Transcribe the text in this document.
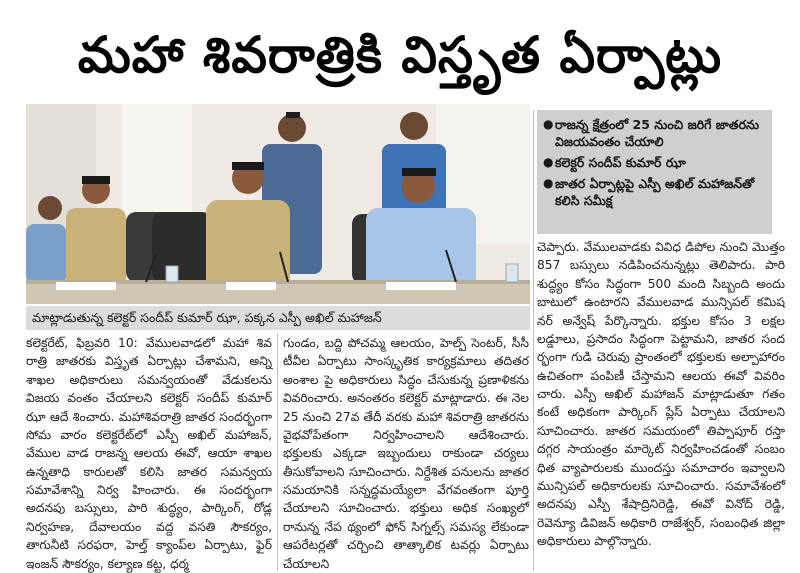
మహా శివరాత్రికి విస్తృత ఏర్పాట్లు
మాట్లాడుతున్న కలెక్టర్ సందీప్ కుమార్ ఝా, పక్కన ఎస్పీ అఖిల్ మహాజన్
● రాజన్న క్షేత్రంలో 25 నుంచి జరిగే జాతరను విజయవంతం చేయాలి
● కలెక్టర్ సందీప్ కుమార్ ఝా
● జాతర ఏర్పాట్లపై ఎస్పీ అఖిల్ మహాజన్‌తో కలిసి సమీక్ష

కలెక్టరేట్, ఫిబ్రవరి 10: వేములవాడలో మహా శివ రాత్రి జాతరకు విస్తృత ఏర్పాట్లు చేశామని, అన్ని శాఖల అధికారులు సమన్వయంతో వేడుకలను విజయ వంతం చేయాలని కలెక్టర్ సందీప్ కుమార్ ఝా ఆదే శించారు. మహాశివరాత్రి జాతర సందర్భంగా సోమ వారం కలెక్టరేట్‌లో ఎస్పీ అఖిల్ మహాజన్, వేముల వాడ రాజన్న ఆలయ ఈవో, ఆయా శాఖల ఉన్నతాధి కారులతో కలిసి జాతర సమన్వయ సమావేశాన్ని నిర్వ హించారు. ఈ సందర్భంగా అదనపు బస్సులు, పారి శుద్ధ్యం, పార్కింగ్, రోడ్ల నిర్వహణ, దేవాలయం వద్ద వసతి సౌకర్యం, తాగునీటి సరఫరా, హెల్త్ క్యాంప్‌ల ఏర్పాటు, ఫైర్ ఇంజన్ సౌకర్యం, కల్యాణ కట్ట, ధర్మ

గుండం, బద్ది పోచమ్మ ఆలయం, హెల్ప్ సెంటర్, సీసీ టీవీల ఏర్పాటు సాంస్కృతిక కార్యక్రమాలు తదితర అంశాల పై అధికారులు సిద్ధం చేసుకున్న ప్రణాళికను వివరించారు. అనంతరం కలెక్టర్ మాట్లాడారు. ఈ నెల 25 నుంచి 27వ తేదీ వరకు మహా శివరాత్రి జాతరను వైభవోపేతంగా నిర్వహించాలని ఆదేశించారు. భక్తులకు ఎక్కడా ఇబ్బందులు రాకుండా చర్యలు తీసుకోవాలని సూచించారు. నిర్దేశిత పనులను జాతర సమయానికి సన్నద్ధమయ్యేలా వేగవంతంగా పూర్తి చేయాలని సూచించారు. భక్తులు అధిక సంఖ్యలో రానున్న నేప థ్యంలో ఫోన్ సిగ్నల్స్ సమస్య లేకుండా ఆపరేటర్లతో చర్చించి తాత్కాలిక టవర్లు ఏర్పాటు చేయాలని

చెప్పారు. వేములవాడకు వివిధ డిపోల నుంచి మొత్తం 857 బస్సులు నడిపించనున్నట్లు తెలిపారు. పారి శుద్ధ్యం కోసం సిద్ధంగా 500 మంది సిబ్బంది అందు బాటులో ఉంటారని వేములవాడ మున్సిపల్ కమిష నర్ అన్వేష్ పేర్కొన్నారు. భక్తుల కోసం 3 లక్షల లడ్డూలు, ప్రసాదం సిద్ధంగా పెట్టామని, జాతర సంద ర్భంగా గుడి చెరువు ప్రాంతంలో భక్తులకు అల్పాహారం ఉచితంగా పంపిణీ చేస్తామని ఆలయ ఈవో వివరిం చారు. ఎస్పీ అఖిల్ మహాజన్ మాట్లాడుతూ గతం కంటే అధికంగా పార్కింగ్ ప్లేస్ ఏర్పాటు చేయాలని సూచించారు. జాతర సమయంలో తిప్పాపూర్ రస్తా దగ్గర సాయంత్రం మార్కెట్ నిర్వహించడంతో సంబం ధిత వ్యాపారులకు ముందస్తు సమాచారం ఇవ్వాలని మున్సిపల్ అధికారులకు సూచించారు. సమావేశంలో అదనపు ఎస్పీ శేషాద్రినిరెడ్డి, ఈవో వినోద్ రెడ్డి, రెవెన్యూ డివిజన్ అధికారి రాజేశ్వర్, సంబంధిత జిల్లా అధికారులు పాల్గొన్నారు.
